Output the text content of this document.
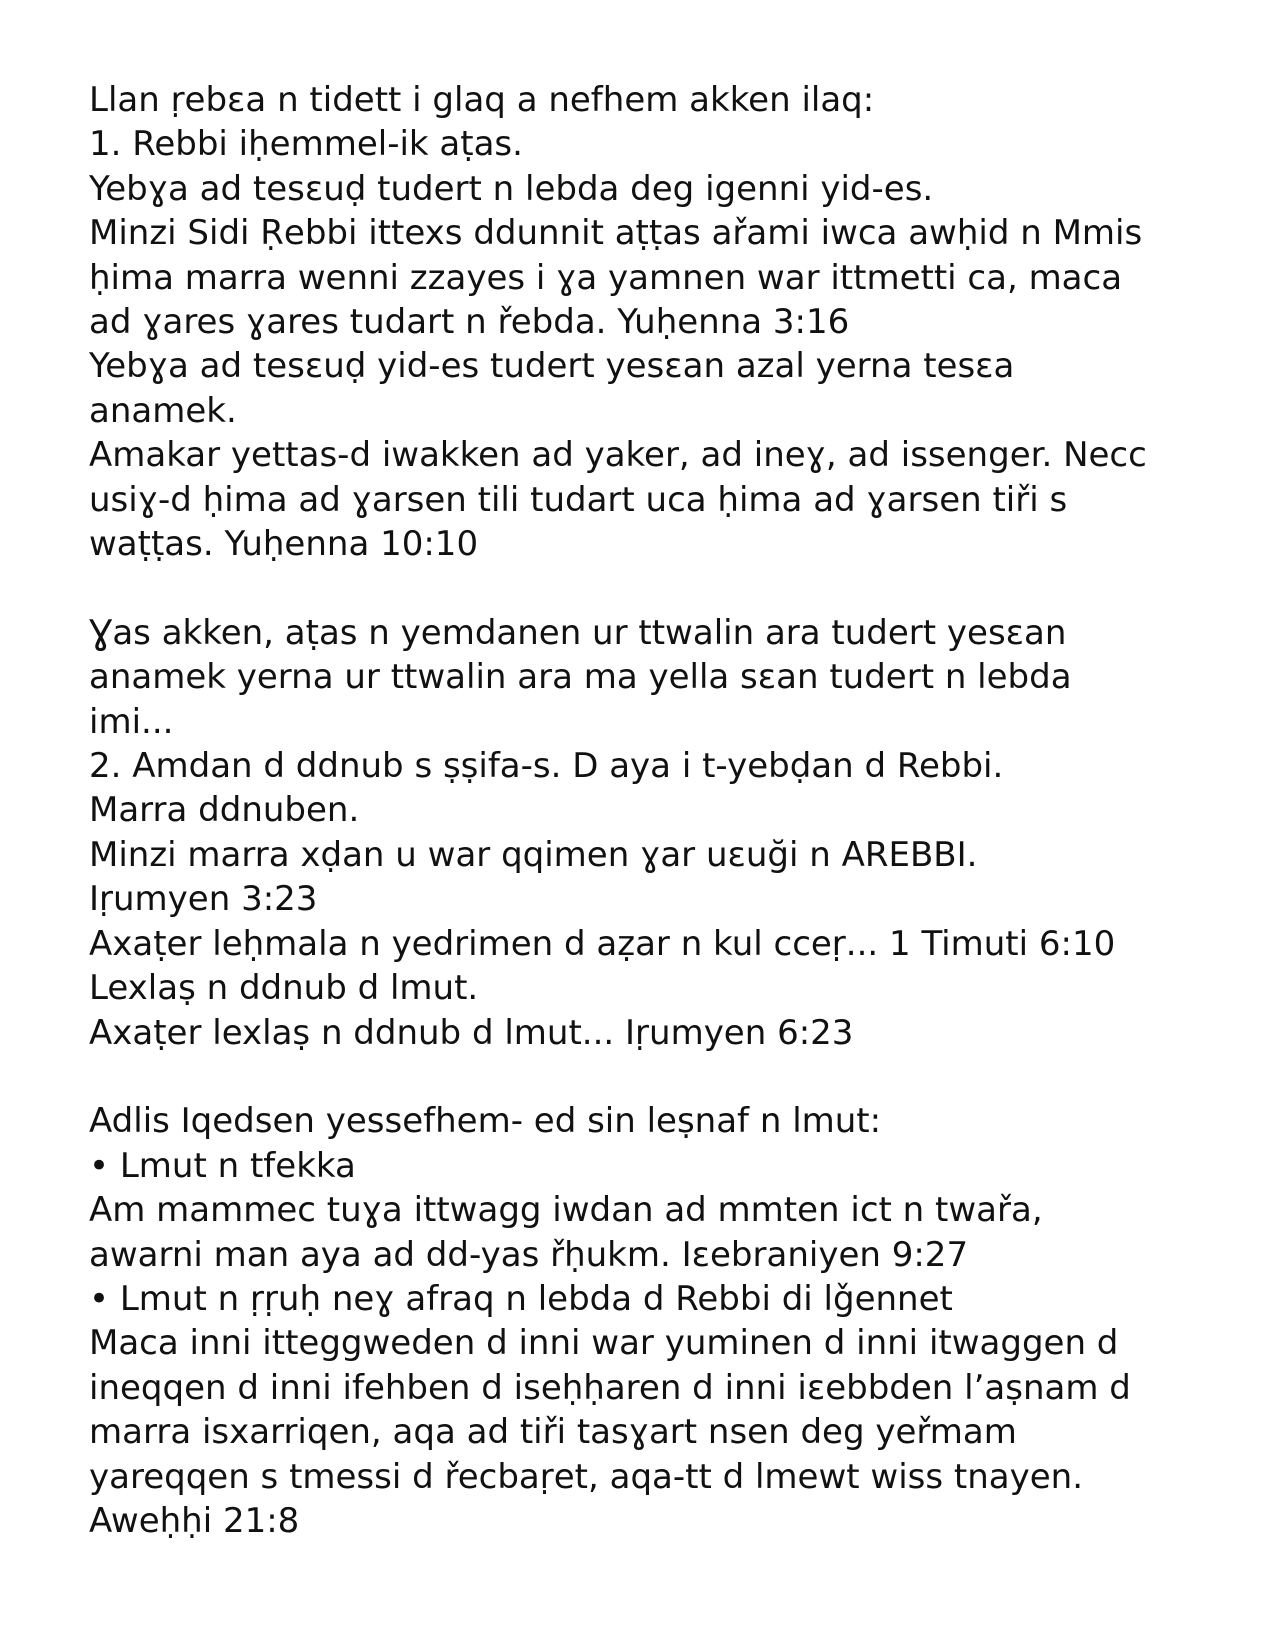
Llan ṛebɛa n tidett i glaq a nefhem akken ilaq:
1. Rebbi iḥemmel-ik aṭas.
Yebɣa ad tesɛuḍ tudert n lebda deg igenni yid-es.
Minzi Sidi Ṛebbi ittexs ddunnit aṭṭas ařami iwca awḥid n Mmis
ḥima marra wenni zzayes i ɣa yamnen war ittmetti ca, maca
ad ɣares ɣares tudart n řebda. Yuḥenna 3:16
Yebɣa ad tesɛuḍ yid-es tudert yesɛan azal yerna tesɛa
anamek.
Amakar yettas-d iwakken ad yaker, ad ineɣ, ad issenger. Necc
usiɣ-d ḥima ad ɣarsen tili tudart uca ḥima ad ɣarsen tiři s
waṭṭas. Yuḥenna 10:10
Ɣas akken, aṭas n yemdanen ur ttwalin ara tudert yesɛan
anamek yerna ur ttwalin ara ma yella sɛan tudert n lebda
imi...
2. Amdan d ddnub s ṣṣifa-s. D aya i t-yebḍan d Rebbi.
Marra ddnuben.
Minzi marra xḍan u war qqimen ɣar uɛuği n AREBBI.
Iṛumyen 3:23
Axaṭer leḥmala n yedrimen d aẓar n kul cceṛ... 1 Timuti 6:10
Lexlaṣ n ddnub d lmut.
Axaṭer lexlaṣ n ddnub d lmut... Iṛumyen 6:23
Adlis Iqedsen yessefhem- ed sin leṣnaf n lmut:
• Lmut n tfekka
Am mammec tuɣa ittwagg iwdan ad mmten ict n twařa,
awarni man aya ad dd-yas řḥukm. Iɛebraniyen 9:27
• Lmut n ṛṛuḥ neɣ afraq n lebda d Rebbi di lǧennet
Maca inni itteggweden d inni war yuminen d inni itwaggen d
ineqqen d inni ifehben d iseḥḥaren d inni iɛebbden l’aṣnam d
marra isxarriqen, aqa ad tiři tasɣart nsen deg yeřmam
yareqqen s tmessi d řecbaṛet, aqa-tt d lmewt wiss tnayen.
Aweḥḥi 21:8
